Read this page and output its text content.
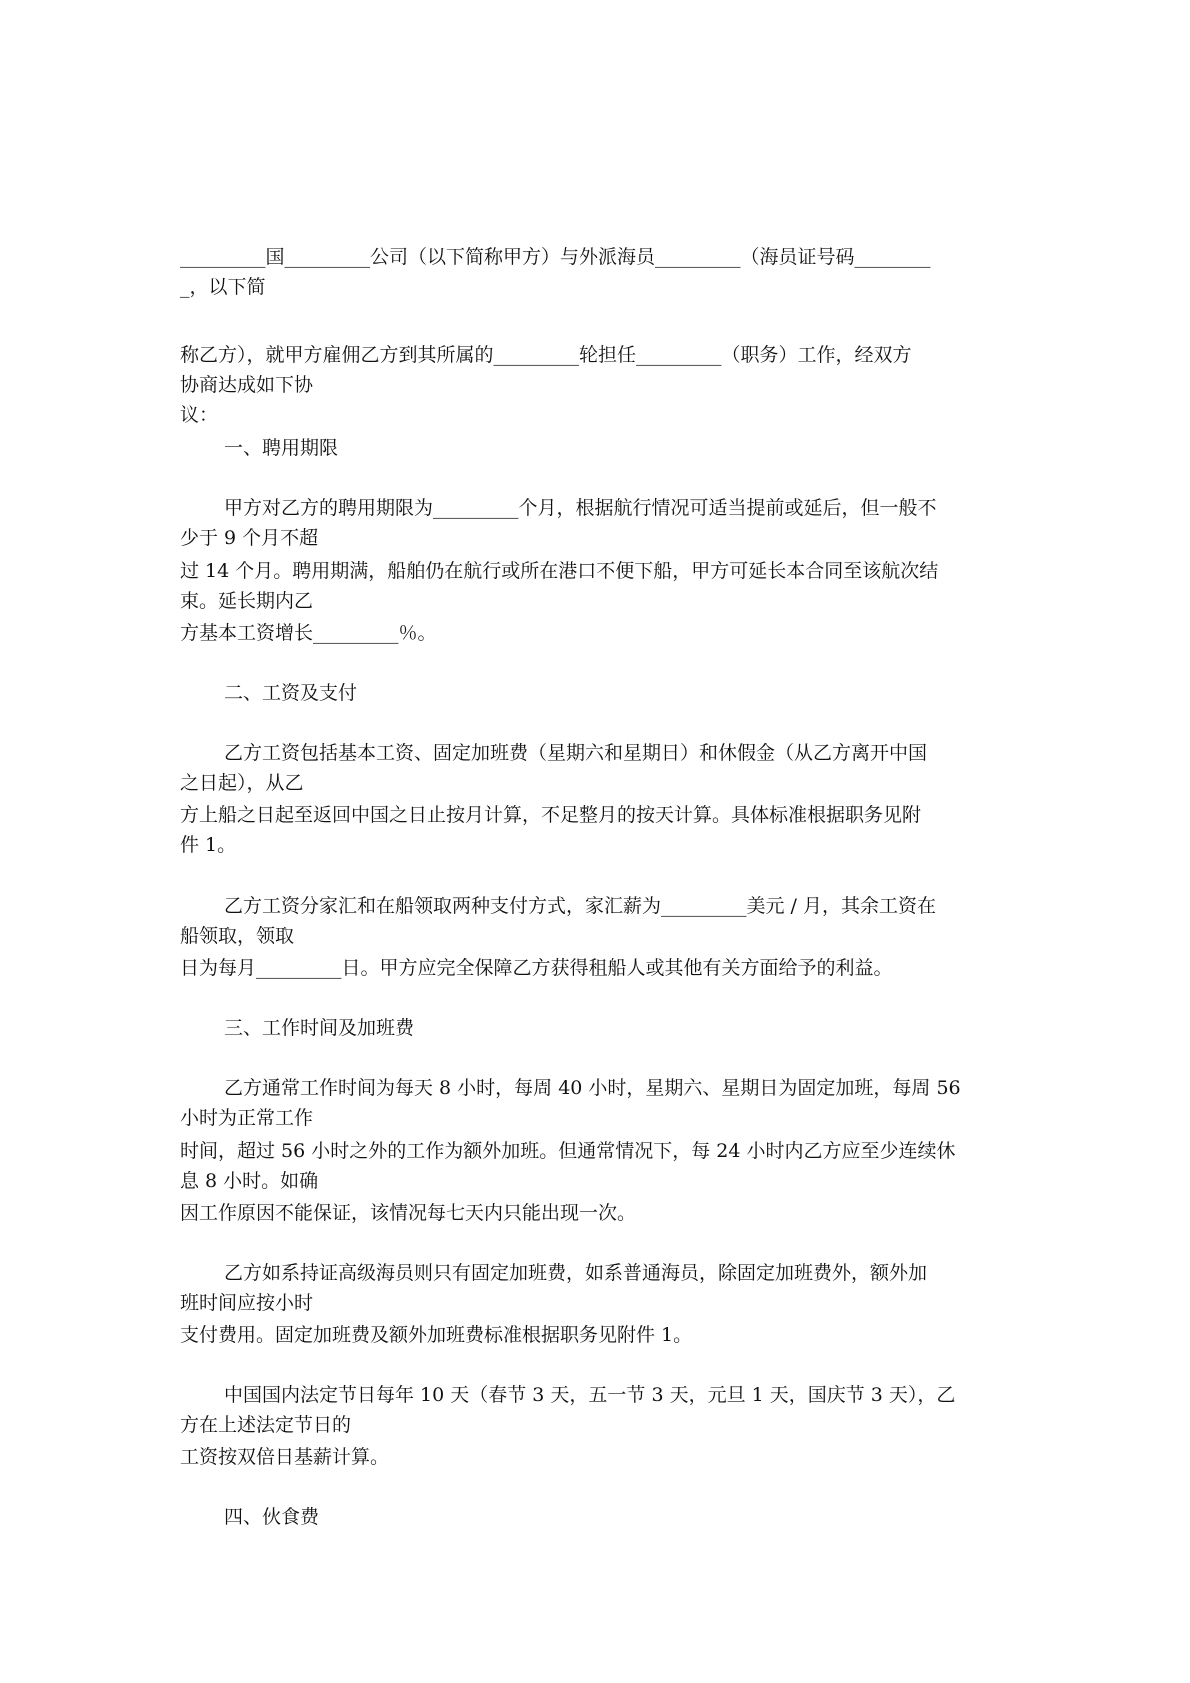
_________国_________公司（以下简称甲方）与外派海员_________（海员证号码________
_，以下简
称乙方），就甲方雇佣乙方到其所属的_________轮担任_________（职务）工作，经双方
协商达成如下协
议：
一、聘用期限
甲方对乙方的聘用期限为_________个月，根据航行情况可适当提前或延后，但一般不
少于 9 个月不超
过 14 个月。聘用期满，船舶仍在航行或所在港口不便下船，甲方可延长本合同至该航次结
束。延长期内乙
方基本工资增长_________％。
二、工资及支付
乙方工资包括基本工资、固定加班费（星期六和星期日）和休假金（从乙方离开中国
之日起），从乙
方上船之日起至返回中国之日止按月计算，不足整月的按天计算。具体标准根据职务见附
件 1。
乙方工资分家汇和在船领取两种支付方式，家汇薪为_________美元 / 月，其余工资在
船领取，领取
日为每月_________日。甲方应完全保障乙方获得租船人或其他有关方面给予的利益。
三、工作时间及加班费
乙方通常工作时间为每天 8 小时，每周 40 小时，星期六、星期日为固定加班，每周 56
小时为正常工作
时间，超过 56 小时之外的工作为额外加班。但通常情况下，每 24 小时内乙方应至少连续休
息 8 小时。如确
因工作原因不能保证，该情况每七天内只能出现一次。
乙方如系持证高级海员则只有固定加班费，如系普通海员，除固定加班费外，额外加
班时间应按小时
支付费用。固定加班费及额外加班费标准根据职务见附件 1。
中国国内法定节日每年 10 天（春节 3 天，五一节 3 天，元旦 1 天，国庆节 3 天），乙
方在上述法定节日的
工资按双倍日基薪计算。
四、伙食费
